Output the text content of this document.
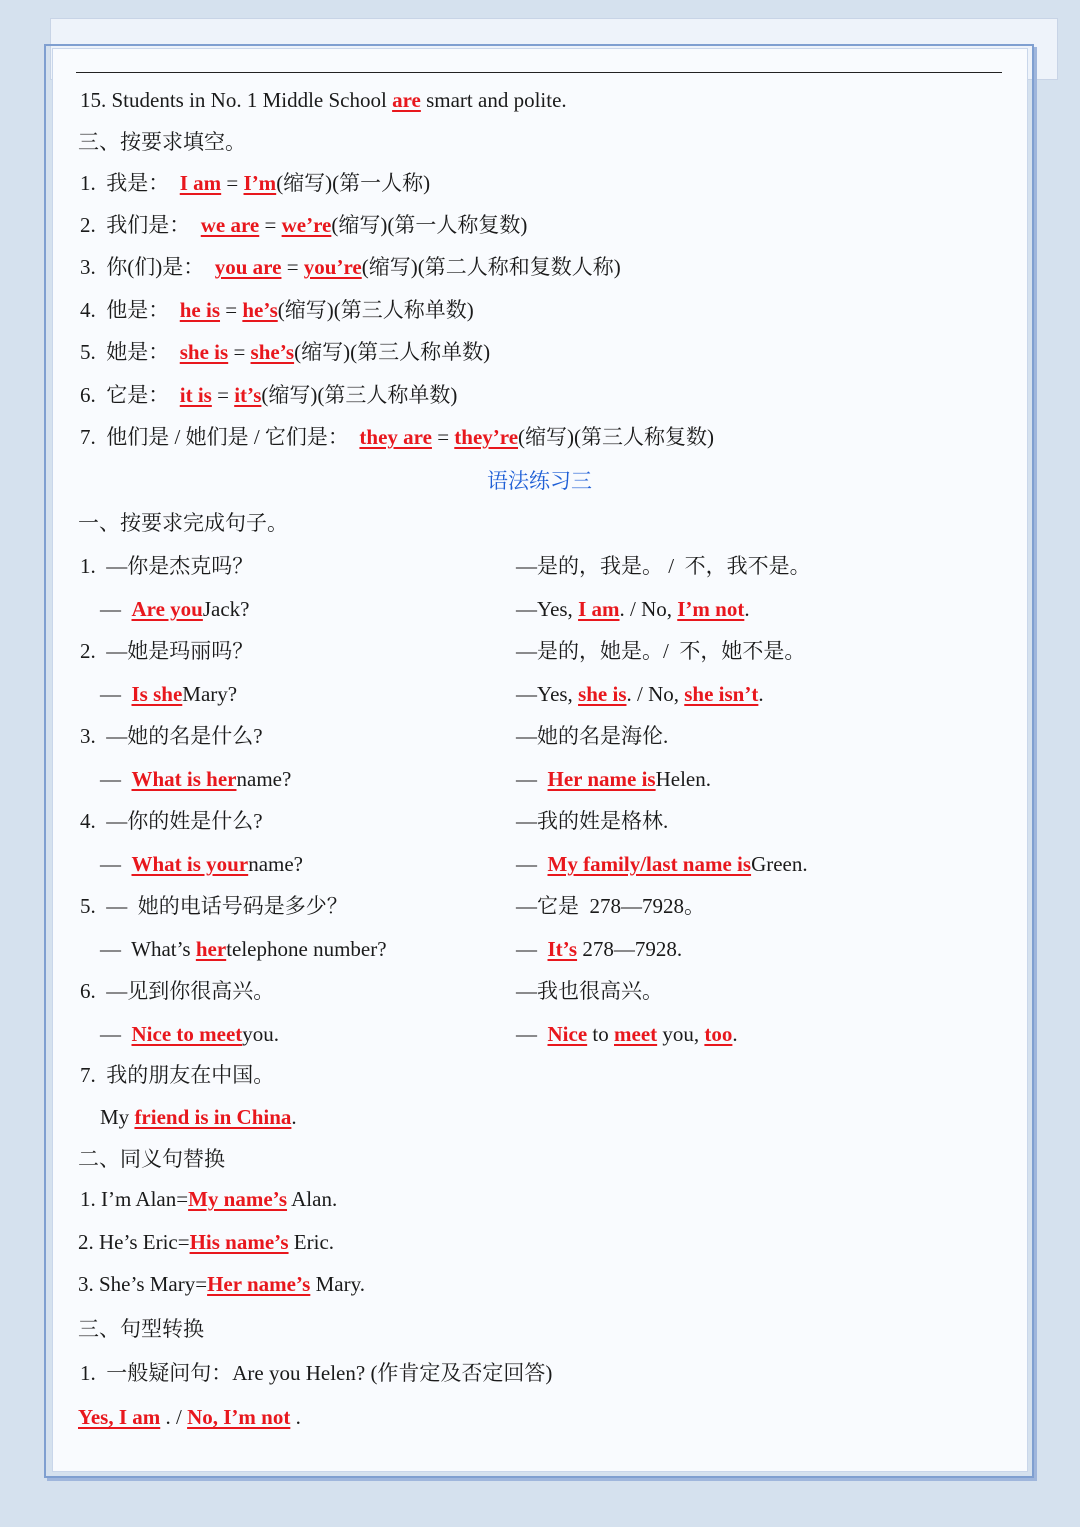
15. Students in No. 1 Middle School are smart and polite.
三、按要求填空。
1. 我是： I am = I’m(缩写)(第一人称)
2. 我们是： we are = we’re(缩写)(第一人称复数)
3. 你(们)是： you are = you’re(缩写)(第二人称和复数人称)
4. 他是： he is = he’s(缩写)(第三人称单数)
5. 她是： she is = she’s(缩写)(第三人称单数)
6. 它是： it is = it’s(缩写)(第三人称单数)
7. 他们是 / 她们是 / 它们是： they are = they’re(缩写)(第三人称复数)
语法练习三
一、按要求完成句子。
1.  —你是杰克吗？	—是的，我是。 /  不，我不是。
—  Are youJack?	—Yes, I am. / No, I’m not.
2.  —她是玛丽吗？	—是的，她是。/  不，她不是。
—  Is sheMary?	—Yes, she is. / No, she isn’t.
3.  —她的名是什么?	—她的名是海伦.
—  What is hername?	—  Her name isHelen.
4.  —你的姓是什么?	—我的姓是格林.
—  What is yourname?	—  My family/last name isGreen.
5.  —  她的电话号码是多少？	—它是  278—7928。
—  What’s hertelephone number?	—  It’s 278—7928.
6.  —见到你很高兴。	—我也很高兴。
—  Nice to meetyou.	—  Nice to meet you, too.
7.  我的朋友在中国。
My friend is in China.
二、同义句替换
1. I’m Alan=My name’s Alan.
2. He’s Eric=His name’s Eric.
3. She’s Mary=Her name’s Mary.
三、句型转换
1.  一般疑问句：Are you Helen? (作肯定及否定回答)
Yes, I am . / No, I’m not .
